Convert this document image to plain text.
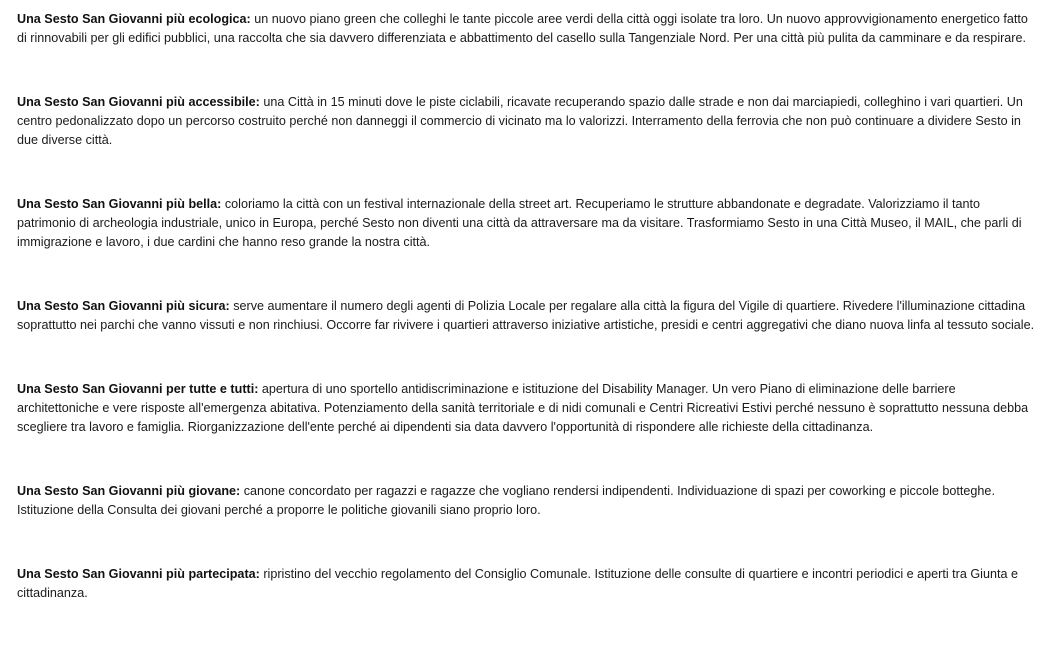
Una Sesto San Giovanni più ecologica: un nuovo piano green che colleghi le tante piccole aree verdi della città oggi isolate tra loro. Un nuovo approvvigionamento energetico fatto di rinnovabili per gli edifici pubblici, una raccolta che sia davvero differenziata e abbattimento del casello sulla Tangenziale Nord. Per una città più pulita da camminare e da respirare.

Una Sesto San Giovanni più accessibile: una Città in 15 minuti dove le piste ciclabili, ricavate recuperando spazio dalle strade e non dai marciapiedi, colleghino i vari quartieri. Un centro pedonalizzato dopo un percorso costruito perché non danneggi il commercio di vicinato ma lo valorizzi. Interramento della ferrovia che non può continuare a dividere Sesto in due diverse città.

Una Sesto San Giovanni più bella: coloriamo la città con un festival internazionale della street art. Recuperiamo le strutture abbandonate e degradate. Valorizziamo il tanto patrimonio di archeologia industriale, unico in Europa, perché Sesto non diventi una città da attraversare ma da visitare. Trasformiamo Sesto in una Città Museo, il MAIL, che parli di immigrazione e lavoro, i due cardini che hanno reso grande la nostra città.

Una Sesto San Giovanni più sicura: serve aumentare il numero degli agenti di Polizia Locale per regalare alla città la figura del Vigile di quartiere. Rivedere l'illuminazione cittadina soprattutto nei parchi che vanno vissuti e non rinchiusi. Occorre far rivivere i quartieri attraverso iniziative artistiche, presidi e centri aggregativi che diano nuova linfa al tessuto sociale.

Una Sesto San Giovanni per tutte e tutti: apertura di uno sportello antidiscriminazione e istituzione del Disability Manager. Un vero Piano di eliminazione delle barriere architettoniche e vere risposte all'emergenza abitativa. Potenziamento della sanità territoriale e di nidi comunali e Centri Ricreativi Estivi perché nessuno è soprattutto nessuna debba scegliere tra lavoro e famiglia. Riorganizzazione dell'ente perché ai dipendenti sia data davvero l'opportunità di rispondere alle richieste della cittadinanza.

Una Sesto San Giovanni più giovane: canone concordato per ragazzi e ragazze che vogliano rendersi indipendenti. Individuazione di spazi per coworking e piccole botteghe. Istituzione della Consulta dei giovani perché a proporre le politiche giovanili siano proprio loro.

Una Sesto San Giovanni più partecipata: ripristino del vecchio regolamento del Consiglio Comunale. Istituzione delle consulte di quartiere e incontri periodici e aperti tra Giunta e cittadinanza.
